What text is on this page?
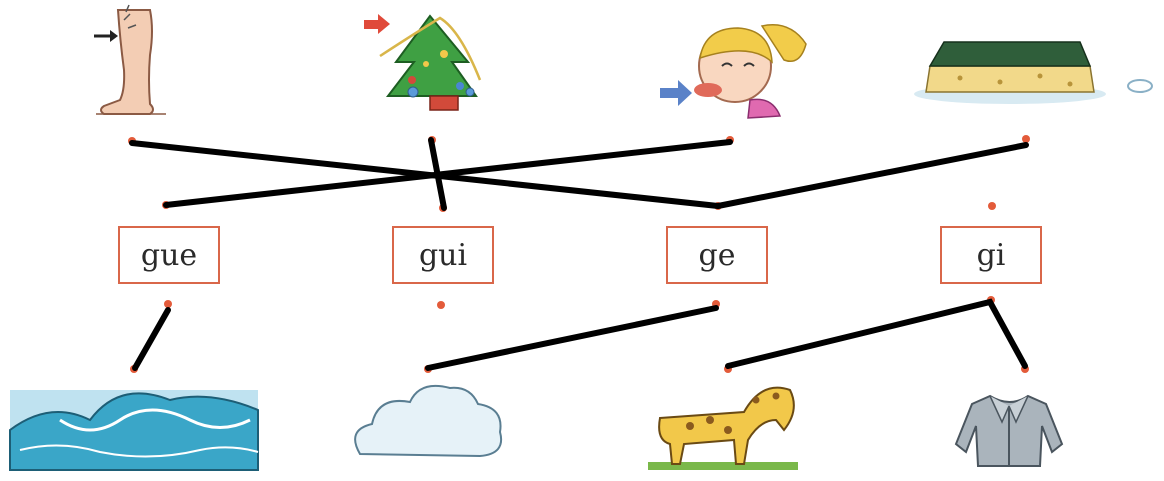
gue	gui	ge	gi
